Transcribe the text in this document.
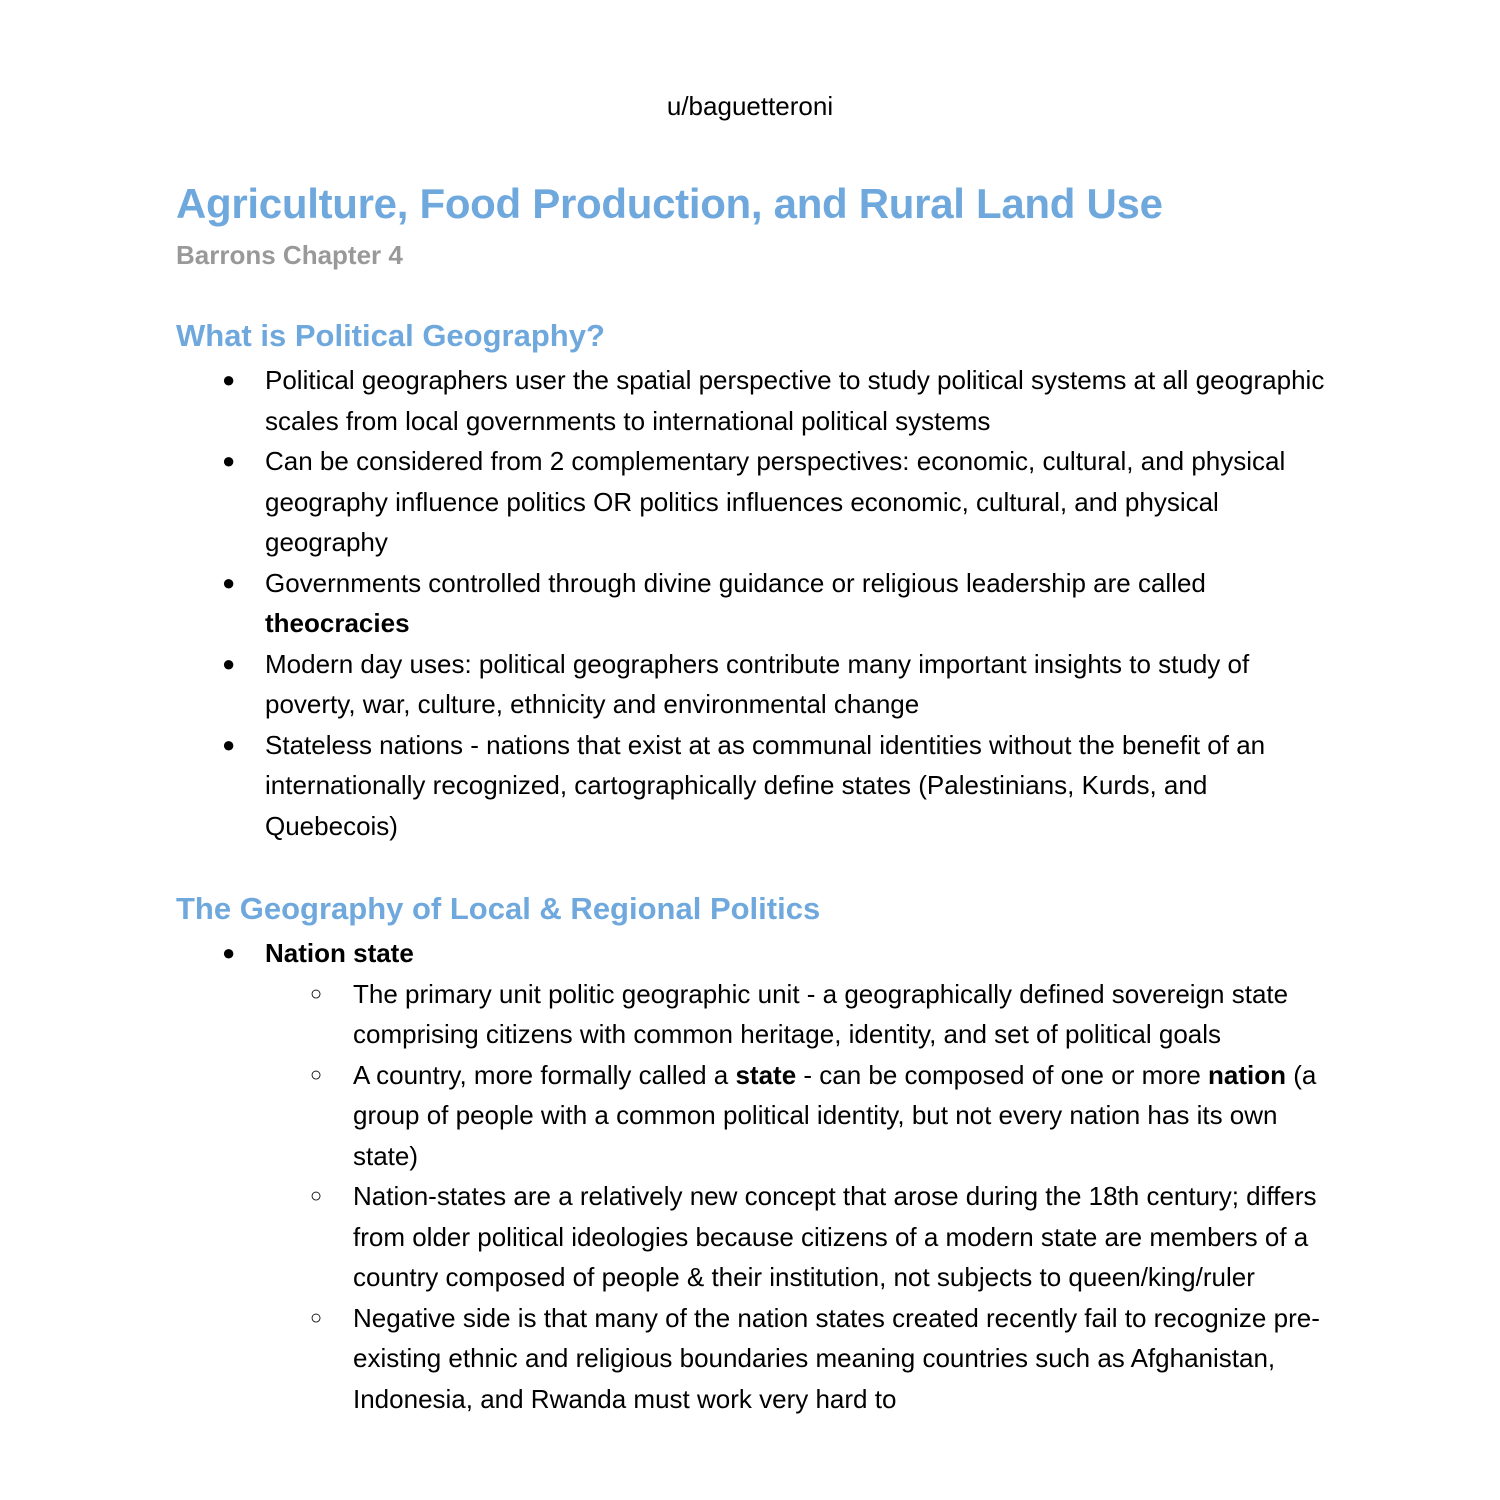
u/baguetteroni
Agriculture, Food Production, and Rural Land Use
Barrons Chapter 4
What is Political Geography?
● Political geographers user the spatial perspective to study political systems at all geographic scales from local governments to international political systems
● Can be considered from 2 complementary perspectives: economic, cultural, and physical geography influence politics OR politics influences economic, cultural, and physical geography
● Governments controlled through divine guidance or religious leadership are called theocracies
● Modern day uses: political geographers contribute many important insights to study of poverty, war, culture, ethnicity and environmental change
● Stateless nations - nations that exist at as communal identities without the benefit of an internationally recognized, cartographically define states (Palestinians, Kurds, and Quebecois)
The Geography of Local & Regional Politics
● Nation state
○ The primary unit politic geographic unit - a geographically defined sovereign state comprising citizens with common heritage, identity, and set of political goals
○ A country, more formally called a state - can be composed of one or more nation (a group of people with a common political identity, but not every nation has its own state)
○ Nation-states are a relatively new concept that arose during the 18th century; differs from older political ideologies because citizens of a modern state are members of a country composed of people & their institution, not subjects to queen/king/ruler
○ Negative side is that many of the nation states created recently fail to recognize pre-existing ethnic and religious boundaries meaning countries such as Afghanistan, Indonesia, and Rwanda must work very hard to
